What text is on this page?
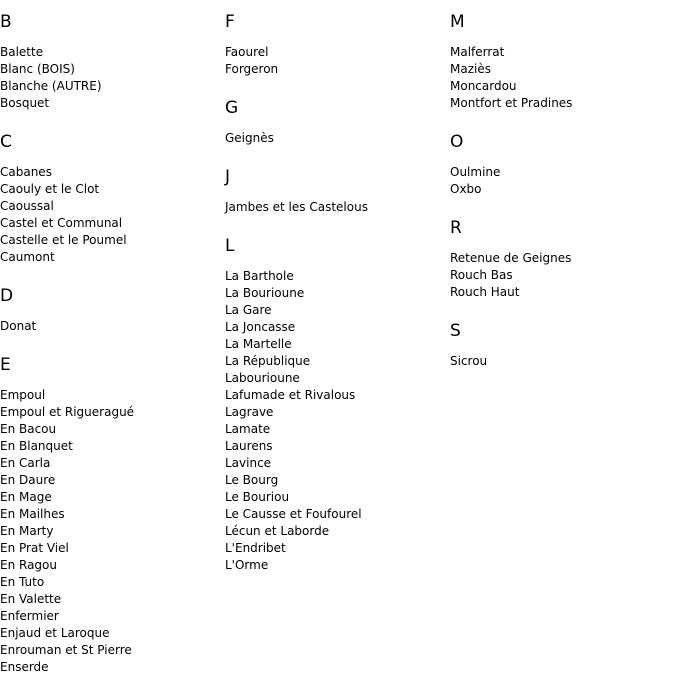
B
Balette
Blanc (BOIS)
Blanche (AUTRE)
Bosquet
C
Cabanes
Caouly et le Clot
Caoussal
Castel et Communal
Castelle et le Poumel
Caumont
D
Donat
E
Empoul
Empoul et Rigueragué
En Bacou
En Blanquet
En Carla
En Daure
En Mage
En Mailhes
En Marty
En Prat Viel
En Ragou
En Tuto
En Valette
Enfermier
Enjaud et Laroque
Enrouman et St Pierre
Enserde
F
Faourel
Forgeron
G
Geignès
J
Jambes et les Castelous
L
La Barthole
La Bourioune
La Gare
La Joncasse
La Martelle
La République
Labourioune
Lafumade et Rivalous
Lagrave
Lamate
Laurens
Lavince
Le Bourg
Le Bouriou
Le Causse et Foufourel
Lécun et Laborde
L'Endribet
L'Orme
M
Malferrat
Maziès
Moncardou
Montfort et Pradines
O
Oulmine
Oxbo
R
Retenue de Geignes
Rouch Bas
Rouch Haut
S
Sicrou
